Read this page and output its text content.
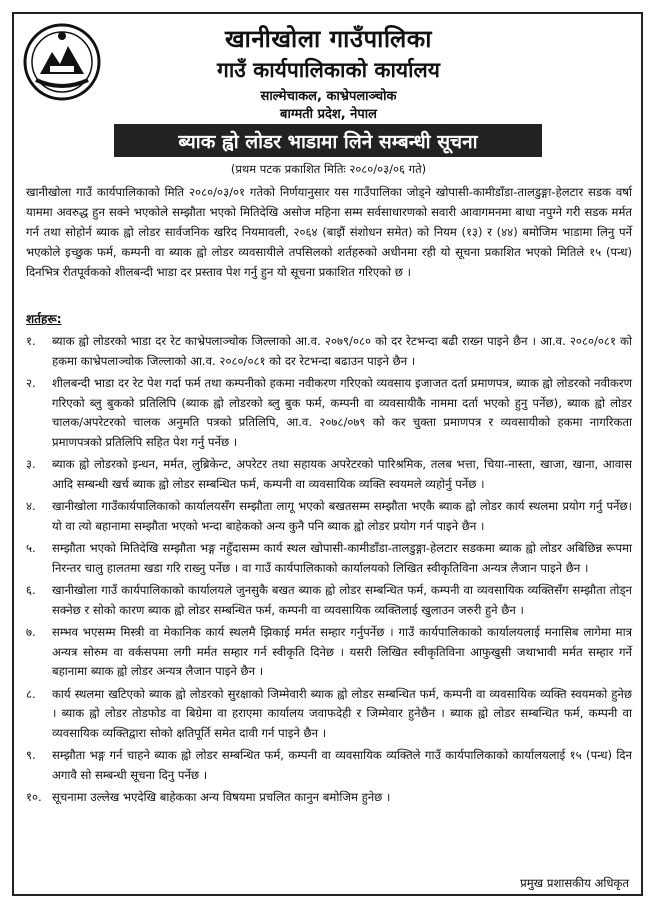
खानीखोला गाउँपालिका
गाउँ कार्यपालिकाको कार्यालय
साल्मेचाकल, काभ्रेपलाञ्चोक
बाग्मती प्रदेश, नेपाल
ब्याक ह्वो लोडर भाडामा लिने सम्बन्धी सूचना
(प्रथम पटक प्रकाशित मितिः २०८०/०३/०६ गते)

खानीखोला गाउँ कार्यपालिकाको मिति २०८०/०३/०१ गतेको निर्णयानुसार यस गाउँपालिका जोड्ने खोपासी-कामीडाँडा-तालडुङ्गा-हेलटार सडक वर्षा याममा अवरुद्ध हुन सक्ने भएकोले सम्झौता भएको मितिदेखि असोज महिना सम्म सर्वसाधारणको सवारी आवागमनमा बाधा नपुग्ने गरी सडक मर्मत गर्न तथा सोहोर्न ब्याक ह्वो लोडर सार्वजनिक खरिद नियमावली, २०६४ (बाइौं संशोधन समेत) को नियम (१३) र (४४) बमोजिम भाडामा लिनु पर्ने भएकोले इच्छुक फर्म, कम्पनी वा ब्याक ह्वो लोडर व्यवसायीले तपसिलको शर्तहरुको अधीनमा रही यो सूचना प्रकाशित भएको मितिले १५ (पन्ध) दिनभित्र रीतपूर्वकको शीलबन्दी भाडा दर प्रस्ताव पेश गर्नु हुन यो सूचना प्रकाशित गरिएको छ ।

शर्तहरू:
१.	ब्याक ह्वो लोडरको भाडा दर रेट काभ्रेपलाञ्चोक जिल्लाको आ.व. २०७९/०८० को दर रेटभन्दा बढी राख्न पाइने छैन । आ.व. २०८०/०८१ को हकमा काभ्रेपलाञ्चोक जिल्लाको आ.व. २०८०/०८१ को दर रेटभन्दा बढाउन पाइने छैन ।
२.	शीलबन्दी भाडा दर रेट पेश गर्दा फर्म तथा कम्पनीको हकमा नवीकरण गरिएको व्यवसाय इजाजत दर्ता प्रमाणपत्र, ब्याक ह्वो लोडरको नवीकरण गरिएको ब्लु बुकको प्रतिलिपि (ब्याक ह्वो लोडरको ब्लु बुक फर्म, कम्पनी वा व्यवसायीकै नाममा दर्ता भएको हुनु पर्नेछ), ब्याक ह्वो लोडर चालक/अपरेटरको चालक अनुमति पत्रको प्रतिलिपि, आ.व. २०७८/०७९ को कर चुक्ता प्रमाणपत्र र व्यवसायीको हकमा नागरिकता प्रमाणपत्रको प्रतिलिपि सहित पेश गर्नु पर्नेछ ।
३.	ब्याक ह्वो लोडरको इन्धन, मर्मत, लुब्रिकेन्ट, अपरेटर तथा सहायक अपरेटरको पारिश्रमिक, तलब भत्ता, चिया-नास्ता, खाजा, खाना, आवास आदि सम्बन्धी खर्च ब्याक ह्वो लोडर सम्बन्धित फर्म, कम्पनी वा व्यवसायिक व्यक्ति स्वयमले व्यहोर्नु पर्नेछ ।
४.	खानीखोला गाउँकार्यपालिकाको कार्यालयसँग सम्झौता लागू भएको बखतसम्म सम्झौता भएकै ब्याक ह्वो लोडर कार्य स्थलमा प्रयोग गर्नु पर्नेछ। यो वा त्यो बहानामा सम्झौता भएको भन्दा बाहेकको अन्य कुनै पनि ब्याक ह्वो लोडर प्रयोग गर्न पाइने छैन ।
५.	सम्झौता भएको मितिदेखि सम्झौता भङ्ग नहुँदासम्म कार्य स्थल खोपासी-कामीडाँडा-तालडुङ्गा-हेलटार सडकमा ब्याक ह्वो लोडर अबिछिन्न रूपमा निरन्तर चालु हालतमा खडा गरि राख्नु पर्नेछ । वा गाउँ कार्यपालिकाको कार्यालयको लिखित स्वीकृतिविना अन्यत्र लैजान पाइने छैन ।
६.	खानीखोला गाउँ कार्यपालिकाको कार्यालयले जुनसुकै बखत ब्याक ह्वो लोडर सम्बन्धित फर्म, कम्पनी वा व्यवसायिक व्यक्तिसँग सम्झौता तोड्न सक्नेछ र सोको कारण ब्याक ह्वो लोडर सम्बन्धित फर्म, कम्पनी वा व्यवसायिक व्यक्तिलाई खुलाउन जरुरी हुने छैन ।
७.	सम्भव भएसम्म मिस्त्री वा मेकानिक कार्य स्थलमै झिकाई मर्मत सम्हार गर्नुपर्नेछ । गाउँ कार्यपालिकाको कार्यालयलाई मनासिब लागेमा मात्र अन्यत्र सोरुम वा वर्कसपमा लगी मर्मत सम्हार गर्न स्वीकृति दिनेछ । यसरी लिखित स्वीकृतिविना आफुखुसी जथाभावी मर्मत सम्हार गर्ने बहानामा ब्याक ह्वो लोडर अन्यत्र लैजान पाइने छैन ।
८.	कार्य स्थलमा खटिएको ब्याक ह्वो लोडरको सुरक्षाको जिम्मेवारी ब्याक ह्वो लोडर सम्बन्धित फर्म, कम्पनी वा व्यवसायिक व्यक्ति स्वयमको हुनेछ । ब्याक ह्वो लोडर तोडफोड वा बिग्रेमा वा हराएमा कार्यालय जवाफदेही र जिम्मेवार हुनेछैन । ब्याक ह्वो लोडर सम्बन्धित फर्म, कम्पनी वा व्यवसायिक व्यक्तिद्वारा सोको क्षतिपूर्ति समेत दावी गर्न पाइने छैन ।
९.	सम्झौता भङ्ग गर्न चाहने ब्याक ह्वो लोडर सम्बन्धित फर्म, कम्पनी वा व्यवसायिक व्यक्तिले गाउँ कार्यपालिकाको कार्यालयलाई १५ (पन्ध) दिन अगावै सो सम्बन्धी सूचना दिनु पर्नेछ ।
१०. सूचनामा उल्लेख भएदेखि बाहेकका अन्य विषयमा प्रचलित कानुन बमोजिम हुनेछ ।
प्रमुख प्रशासकीय अधिकृत
